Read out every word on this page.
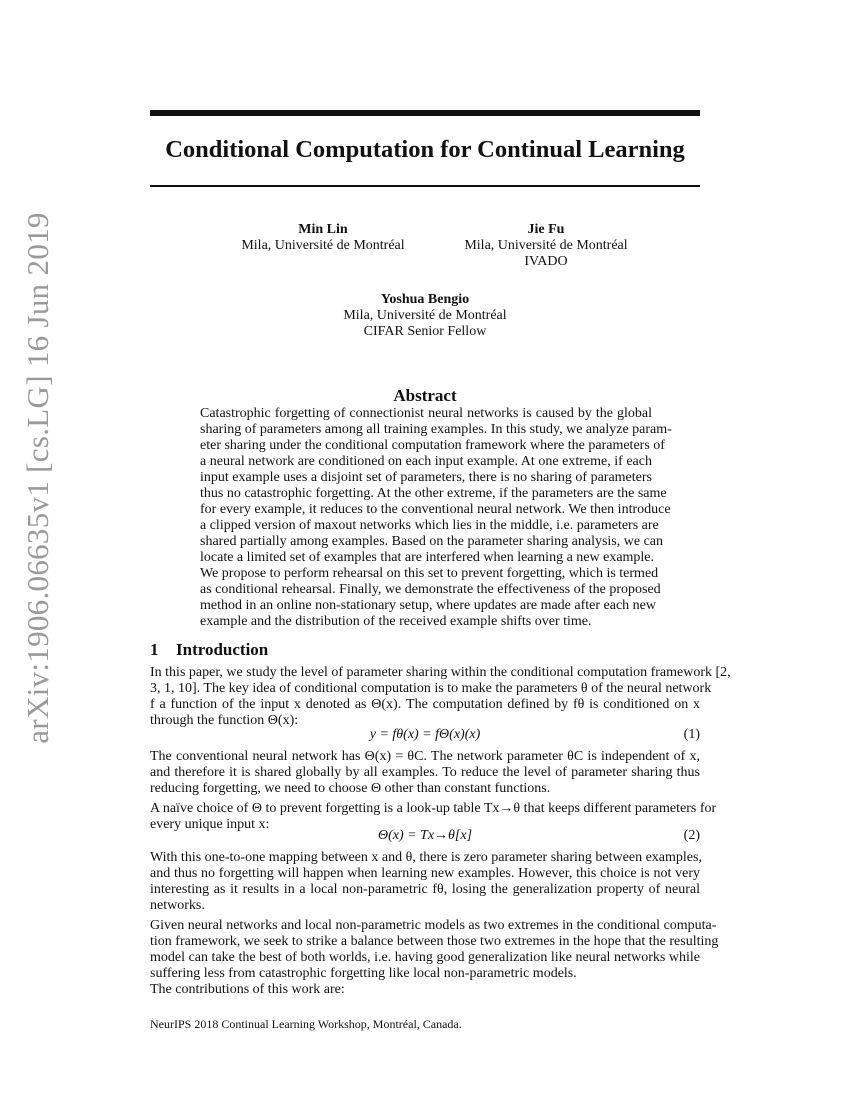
arXiv:1906.06635v1 [cs.LG] 16 Jun 2019
Conditional Computation for Continual Learning
Min Lin
Mila, Université de Montréal
Jie Fu
Mila, Université de Montréal
IVADO
Yoshua Bengio
Mila, Université de Montréal
CIFAR Senior Fellow
Abstract
Catastrophic forgetting of connectionist neural networks is caused by the global
sharing of parameters among all training examples. In this study, we analyze param-
eter sharing under the conditional computation framework where the parameters of
a neural network are conditioned on each input example. At one extreme, if each
input example uses a disjoint set of parameters, there is no sharing of parameters
thus no catastrophic forgetting. At the other extreme, if the parameters are the same
for every example, it reduces to the conventional neural network. We then introduce
a clipped version of maxout networks which lies in the middle, i.e. parameters are
shared partially among examples. Based on the parameter sharing analysis, we can
locate a limited set of examples that are interfered when learning a new example.
We propose to perform rehearsal on this set to prevent forgetting, which is termed
as conditional rehearsal. Finally, we demonstrate the effectiveness of the proposed
method in an online non-stationary setup, where updates are made after each new
example and the distribution of the received example shifts over time.
1 Introduction
In this paper, we study the level of parameter sharing within the conditional computation framework [2,
3, 1, 10]. The key idea of conditional computation is to make the parameters θ of the neural network
f a function of the input x denoted as Θ(x). The computation defined by fθ is conditioned on x
through the function Θ(x):
y = fθ(x) = fΘ(x)(x)	(1)
The conventional neural network has Θ(x) = θC. The network parameter θC is independent of x,
and therefore it is shared globally by all examples. To reduce the level of parameter sharing thus
reducing forgetting, we need to choose Θ other than constant functions.
A naïve choice of Θ to prevent forgetting is a look-up table Tx→θ that keeps different parameters for
every unique input x:
Θ(x) = Tx→θ[x]	(2)
With this one-to-one mapping between x and θ, there is zero parameter sharing between examples,
and thus no forgetting will happen when learning new examples. However, this choice is not very
interesting as it results in a local non-parametric fθ, losing the generalization property of neural
networks.
Given neural networks and local non-parametric models as two extremes in the conditional computa-
tion framework, we seek to strike a balance between those two extremes in the hope that the resulting
model can take the best of both worlds, i.e. having good generalization like neural networks while
suffering less from catastrophic forgetting like local non-parametric models.
The contributions of this work are:
NeurIPS 2018 Continual Learning Workshop, Montréal, Canada.
